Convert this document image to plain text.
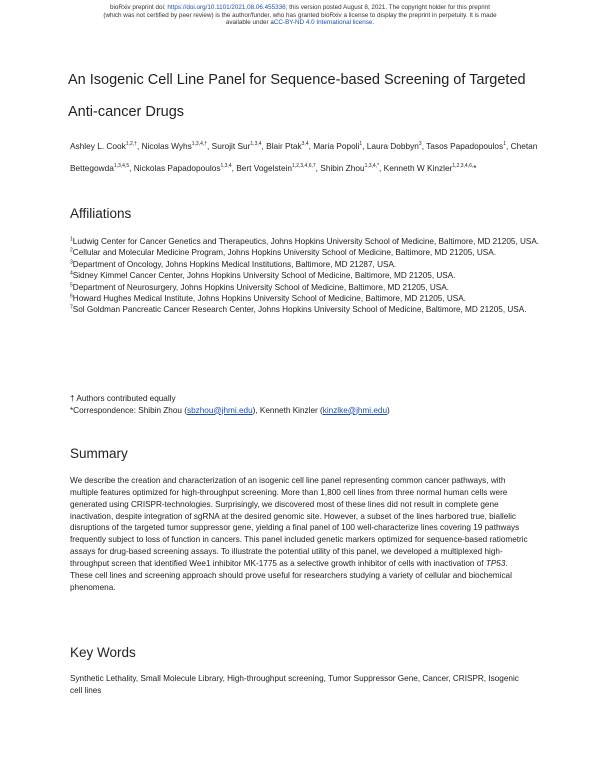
bioRxiv preprint doi: https://doi.org/10.1101/2021.08.06.455336; this version posted August 8, 2021. The copyright holder for this preprint
(which was not certified by peer review) is the author/funder, who has granted bioRxiv a license to display the preprint in perpetuity. It is made
available under aCC-BY-ND 4.0 International license.
An Isogenic Cell Line Panel for Sequence-based Screening of Targeted
Anti-cancer Drugs
Ashley L. Cook$^{1,2,\dagger}$, Nicolas Wyhs$^{1,3,4,\dagger}$, Surojit Sur$^{1,3,4}$, Blair Ptak$^{3,4}$, Maria Popoli$^1$, Laura Dobbyn$^3$, Tasos Papadopoulos$^1$, Chetan Bettegowda$^{1,3,4,5}$, Nickolas Papadopoulos$^{1,3,4}$, Bert Vogelstein$^{1,2,3,4,6,7}$, Shibin Zhou$^{1,3,4,*}$, Kenneth W Kinzler$^{1,2,3,4,6,}$*
Affiliations
$^1$Ludwig Center for Cancer Genetics and Therapeutics, Johns Hopkins University School of Medicine, Baltimore, MD 21205, USA.
$^2$Cellular and Molecular Medicine Program, Johns Hopkins University School of Medicine, Baltimore, MD 21205, USA.
$^3$Department of Oncology, Johns Hopkins Medical Institutions, Baltimore, MD 21287, USA.
$^4$Sidney Kimmel Cancer Center, Johns Hopkins University School of Medicine, Baltimore, MD 21205, USA.
$^5$Department of Neurosurgery, Johns Hopkins University School of Medicine, Baltimore, MD 21205, USA.
$^6$Howard Hughes Medical Institute, Johns Hopkins University School of Medicine, Baltimore, MD 21205, USA.
$^7$Sol Goldman Pancreatic Cancer Research Center, Johns Hopkins University School of Medicine, Baltimore, MD 21205, USA.
† Authors contributed equally
*Correspondence: Shibin Zhou (sbzhou@jhmi.edu), Kenneth Kinzler (kinzlke@jhmi.edu)
Summary
We describe the creation and characterization of an isogenic cell line panel representing common cancer pathways, with multiple features optimized for high-throughput screening. More than 1,800 cell lines from three normal human cells were generated using CRISPR-technologies. Surprisingly, we discovered most of these lines did not result in complete gene inactivation, despite integration of sgRNA at the desired genomic site. However, a subset of the lines harbored true, biallelic disruptions of the targeted tumor suppressor gene, yielding a final panel of 100 well-characterize lines covering 19 pathways frequently subject to loss of function in cancers. This panel included genetic markers optimized for sequence-based ratiometric assays for drug-based screening assays. To illustrate the potential utility of this panel, we developed a multiplexed high-throughput screen that identified Wee1 inhibitor MK-1775 as a selective growth inhibitor of cells with inactivation of TP53. These cell lines and screening approach should prove useful for researchers studying a variety of cellular and biochemical phenomena.
Key Words
Synthetic Lethality, Small Molecule Library, High-throughput screening, Tumor Suppressor Gene, Cancer, CRISPR, Isogenic cell lines
